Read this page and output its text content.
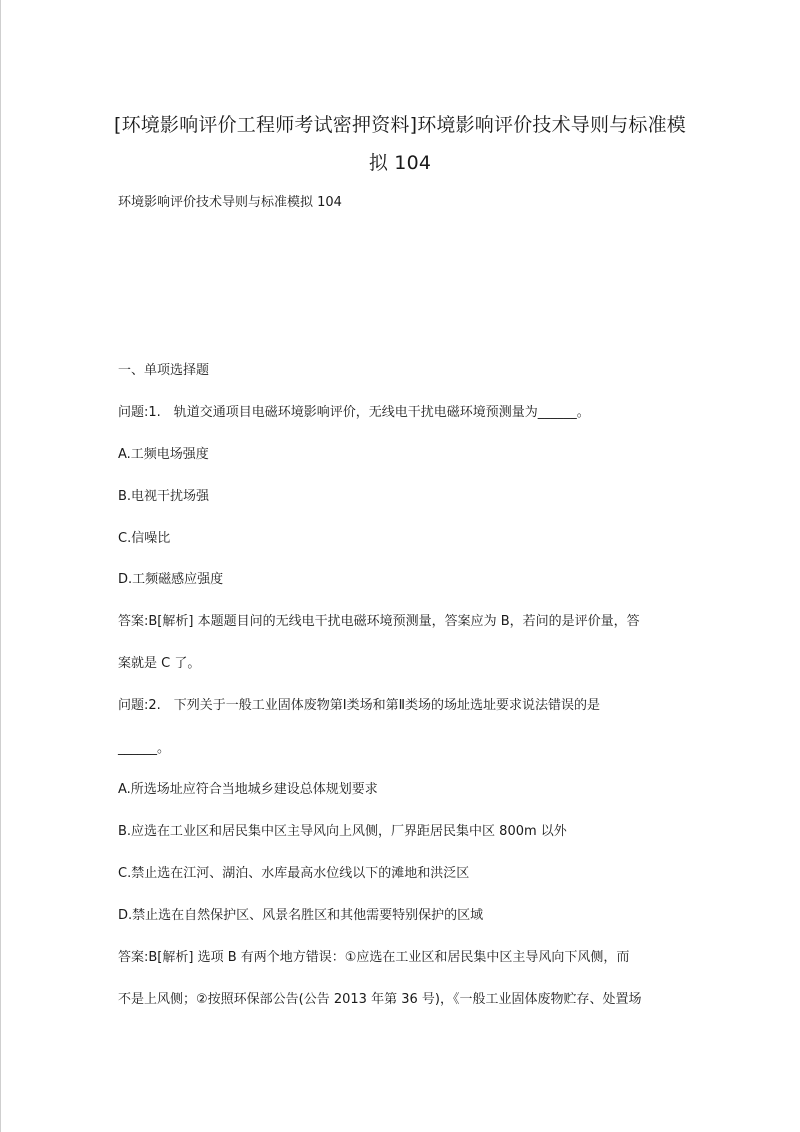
[环境影响评价工程师考试密押资料]环境影响评价技术导则与标准模
拟 104

环境影响评价技术导则与标准模拟 104

一、单项选择题

问题:1.　轨道交通项目电磁环境影响评价，无线电干扰电磁环境预测量为______。

A.工频电场强度

B.电视干扰场强

C.信噪比

D.工频磁感应强度

答案:B[解析] 本题题目问的无线电干扰电磁环境预测量，答案应为 B，若问的是评价量，答

案就是 C 了。

问题:2.　下列关于一般工业固体废物第Ⅰ类场和第Ⅱ类场的场址选址要求说法错误的是

______。

A.所选场址应符合当地城乡建设总体规划要求

B.应选在工业区和居民集中区主导风向上风侧，厂界距居民集中区 800m 以外

C.禁止选在江河、湖泊、水库最高水位线以下的滩地和洪泛区

D.禁止选在自然保护区、风景名胜区和其他需要特别保护的区域

答案:B[解析] 选项 B 有两个地方错误：①应选在工业区和居民集中区主导风向下风侧，而

不是上风侧；②按照环保部公告(公告 2013 年第 36 号)，《一般工业固体废物贮存、处置场
